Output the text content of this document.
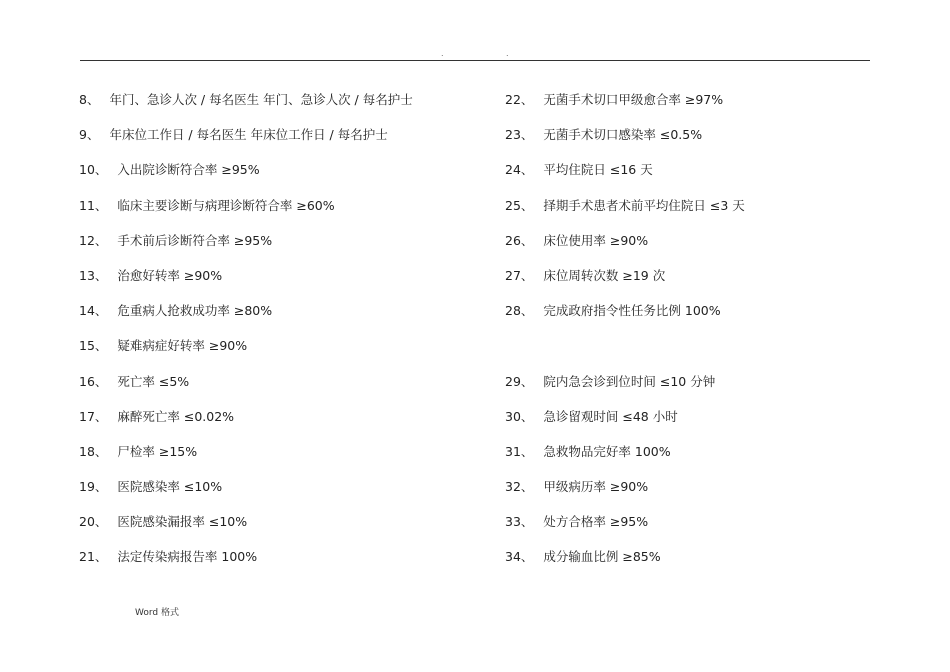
.	.
8、 年门、急诊人次 / 每名医生 年门、急诊人次 / 每名护士
9、 年床位工作日 / 每名医生 年床位工作日 / 每名护士
10、 入出院诊断符合率 ≥95%
11、 临床主要诊断与病理诊断符合率 ≥60%
12、 手术前后诊断符合率 ≥95%
13、 治愈好转率 ≥90%
14、 危重病人抢救成功率 ≥80%
15、 疑难病症好转率 ≥90%
16、 死亡率 ≤5%
17、 麻醉死亡率 ≤0.02%
18、 尸检率 ≥15%
19、 医院感染率 ≤10%
20、 医院感染漏报率 ≤10%
21、 法定传染病报告率 100%
22、 无菌手术切口甲级愈合率 ≥97%
23、 无菌手术切口感染率 ≤0.5%
24、 平均住院日 ≤16 天
25、 择期手术患者术前平均住院日 ≤3 天
26、 床位使用率 ≥90%
27、 床位周转次数 ≥19 次
28、 完成政府指令性任务比例 100%
29、 院内急会诊到位时间 ≤10 分钟
30、 急诊留观时间 ≤48 小时
31、 急救物品完好率 100%
32、 甲级病历率 ≥90%
33、 处方合格率 ≥95%
34、 成分输血比例 ≥85%
Word 格式
